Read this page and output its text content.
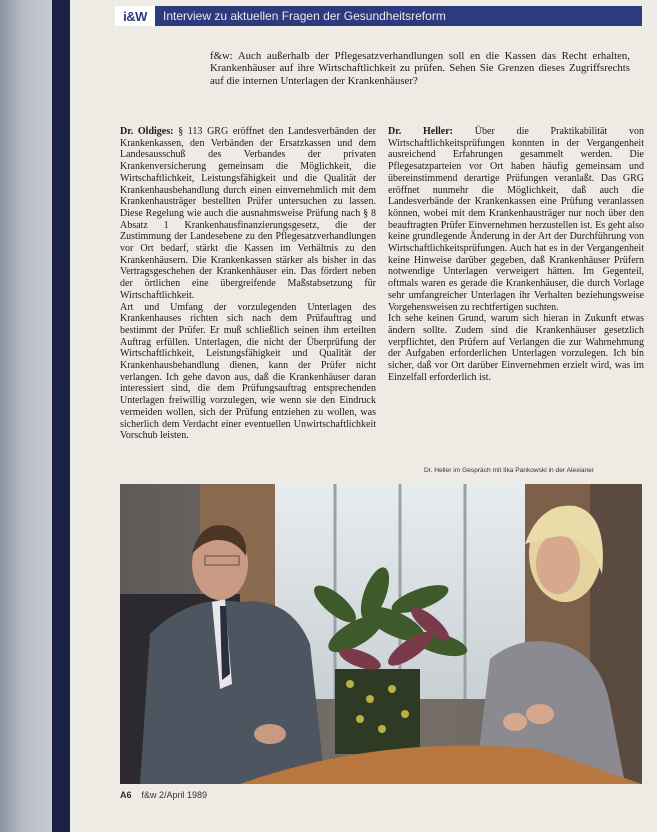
i&W	Interview zu aktuellen Fragen der Gesundheitsreform
f&w: Auch außerhalb der Pflegesatzverhandlungen soll en die Kassen das Recht erhalten, Krankenhäuser auf ihre Wirtschaftlichkeit zu prüfen. Sehen Sie Grenzen dieses Zugriffsrechts auf die internen Unterlagen der Krankenhäuser?

Dr. Oldiges: § 113 GRG eröffnet den Landesverbänden der Krankenkassen, den Verbänden der Ersatzkassen und dem Landesausschuß des Verbandes der privaten Krankenversicherung gemeinsam die Möglichkeit, die Wirtschaftlichkeit, Leistungsfähigkeit und die Qualität der Krankenhausbehandlung durch einen einvernehmlich mit dem Krankenhausträger bestellten Prüfer untersuchen zu lassen. Diese Regelung wie auch die ausnahmsweise Prüfung nach § 8 Absatz 1 Krankenhausfinanzierungsgesetz, die der Zustimmung der Landesebene zu den Pflegesatzverhandlungen vor Ort bedarf, stärkt die Kassen im Verhältnis zu den Krankenhäusern. Die Krankenkassen stärker als bisher in das Vertragsgeschehen der Krankenhäuser ein. Das fördert neben der örtlichen eine übergreifende Maßstabsetzung für Wirtschaftlichkeit.

Art und Umfang der vorzulegenden Unterlagen des Krankenhauses richten sich nach dem Prüfauftrag und bestimmt der Prüfer. Er muß schließlich seinen ihm erteilten Auftrag erfüllen. Unterlagen, die nicht der Überprüfung der Wirtschaftlichkeit, Leistungsfähigkeit und Qualität der Krankenhausbehandlung dienen, kann der Prüfer nicht verlangen. Ich gehe davon aus, daß die Krankenhäuser daran interessiert sind, die dem Prüfungsauftrag entsprechenden Unterlagen freiwillig vorzulegen, wie wenn sie den Eindruck vermeiden wollen, sich der Prüfung entziehen zu wollen, was sicherlich dem Verdacht einer eventuellen Unwirtschaftlichkeit Vorschub leisten.

Dr. Heller: Über die Praktikabilität von Wirtschaftlichkeitsprüfungen konnten in der Vergangenheit ausreichend Erfahrungen gesammelt werden. Die Pflegesatzparteien vor Ort haben häufig gemeinsam und übereinstimmend derartige Prüfungen veranlaßt. Das GRG eröffnet nunmehr die Möglichkeit, daß auch die Landesverbände der Krankenkassen eine Prüfung veranlassen können, wobei mit dem Krankenhausträger nur noch über den beauftragten Prüfer Einvernehmen herzustellen ist. Es geht also keine grundlegende Änderung in der Art der Durchführung von Wirtschaftlichkeitsprüfungen. Auch hat es in der Vergangenheit keine Hinweise darüber gegeben, daß Krankenhäuser Prüfern notwendige Unterlagen verweigert hätten. Im Gegenteil, oftmals waren es gerade die Krankenhäuser, die durch Vorlage sehr umfangreicher Unterlagen ihr Verhalten beziehungsweise Vorgehensweisen zu rechtfertigen suchten.

Ich sehe keinen Grund, warum sich hieran in Zukunft etwas ändern sollte. Zudem sind die Krankenhäuser gesetzlich verpflichtet, den Prüfern auf Verlangen die zur Wahrnehmung der Aufgaben erforderlichen Unterlagen vorzulegen. Ich bin sicher, daß vor Ort darüber Einvernehmen erzielt wird, was im Einzelfall erforderlich ist.

Dr. Heller im Gespräch mit Ilka Pankowski in der Alexianer
A6 f&w 2/April 1989
